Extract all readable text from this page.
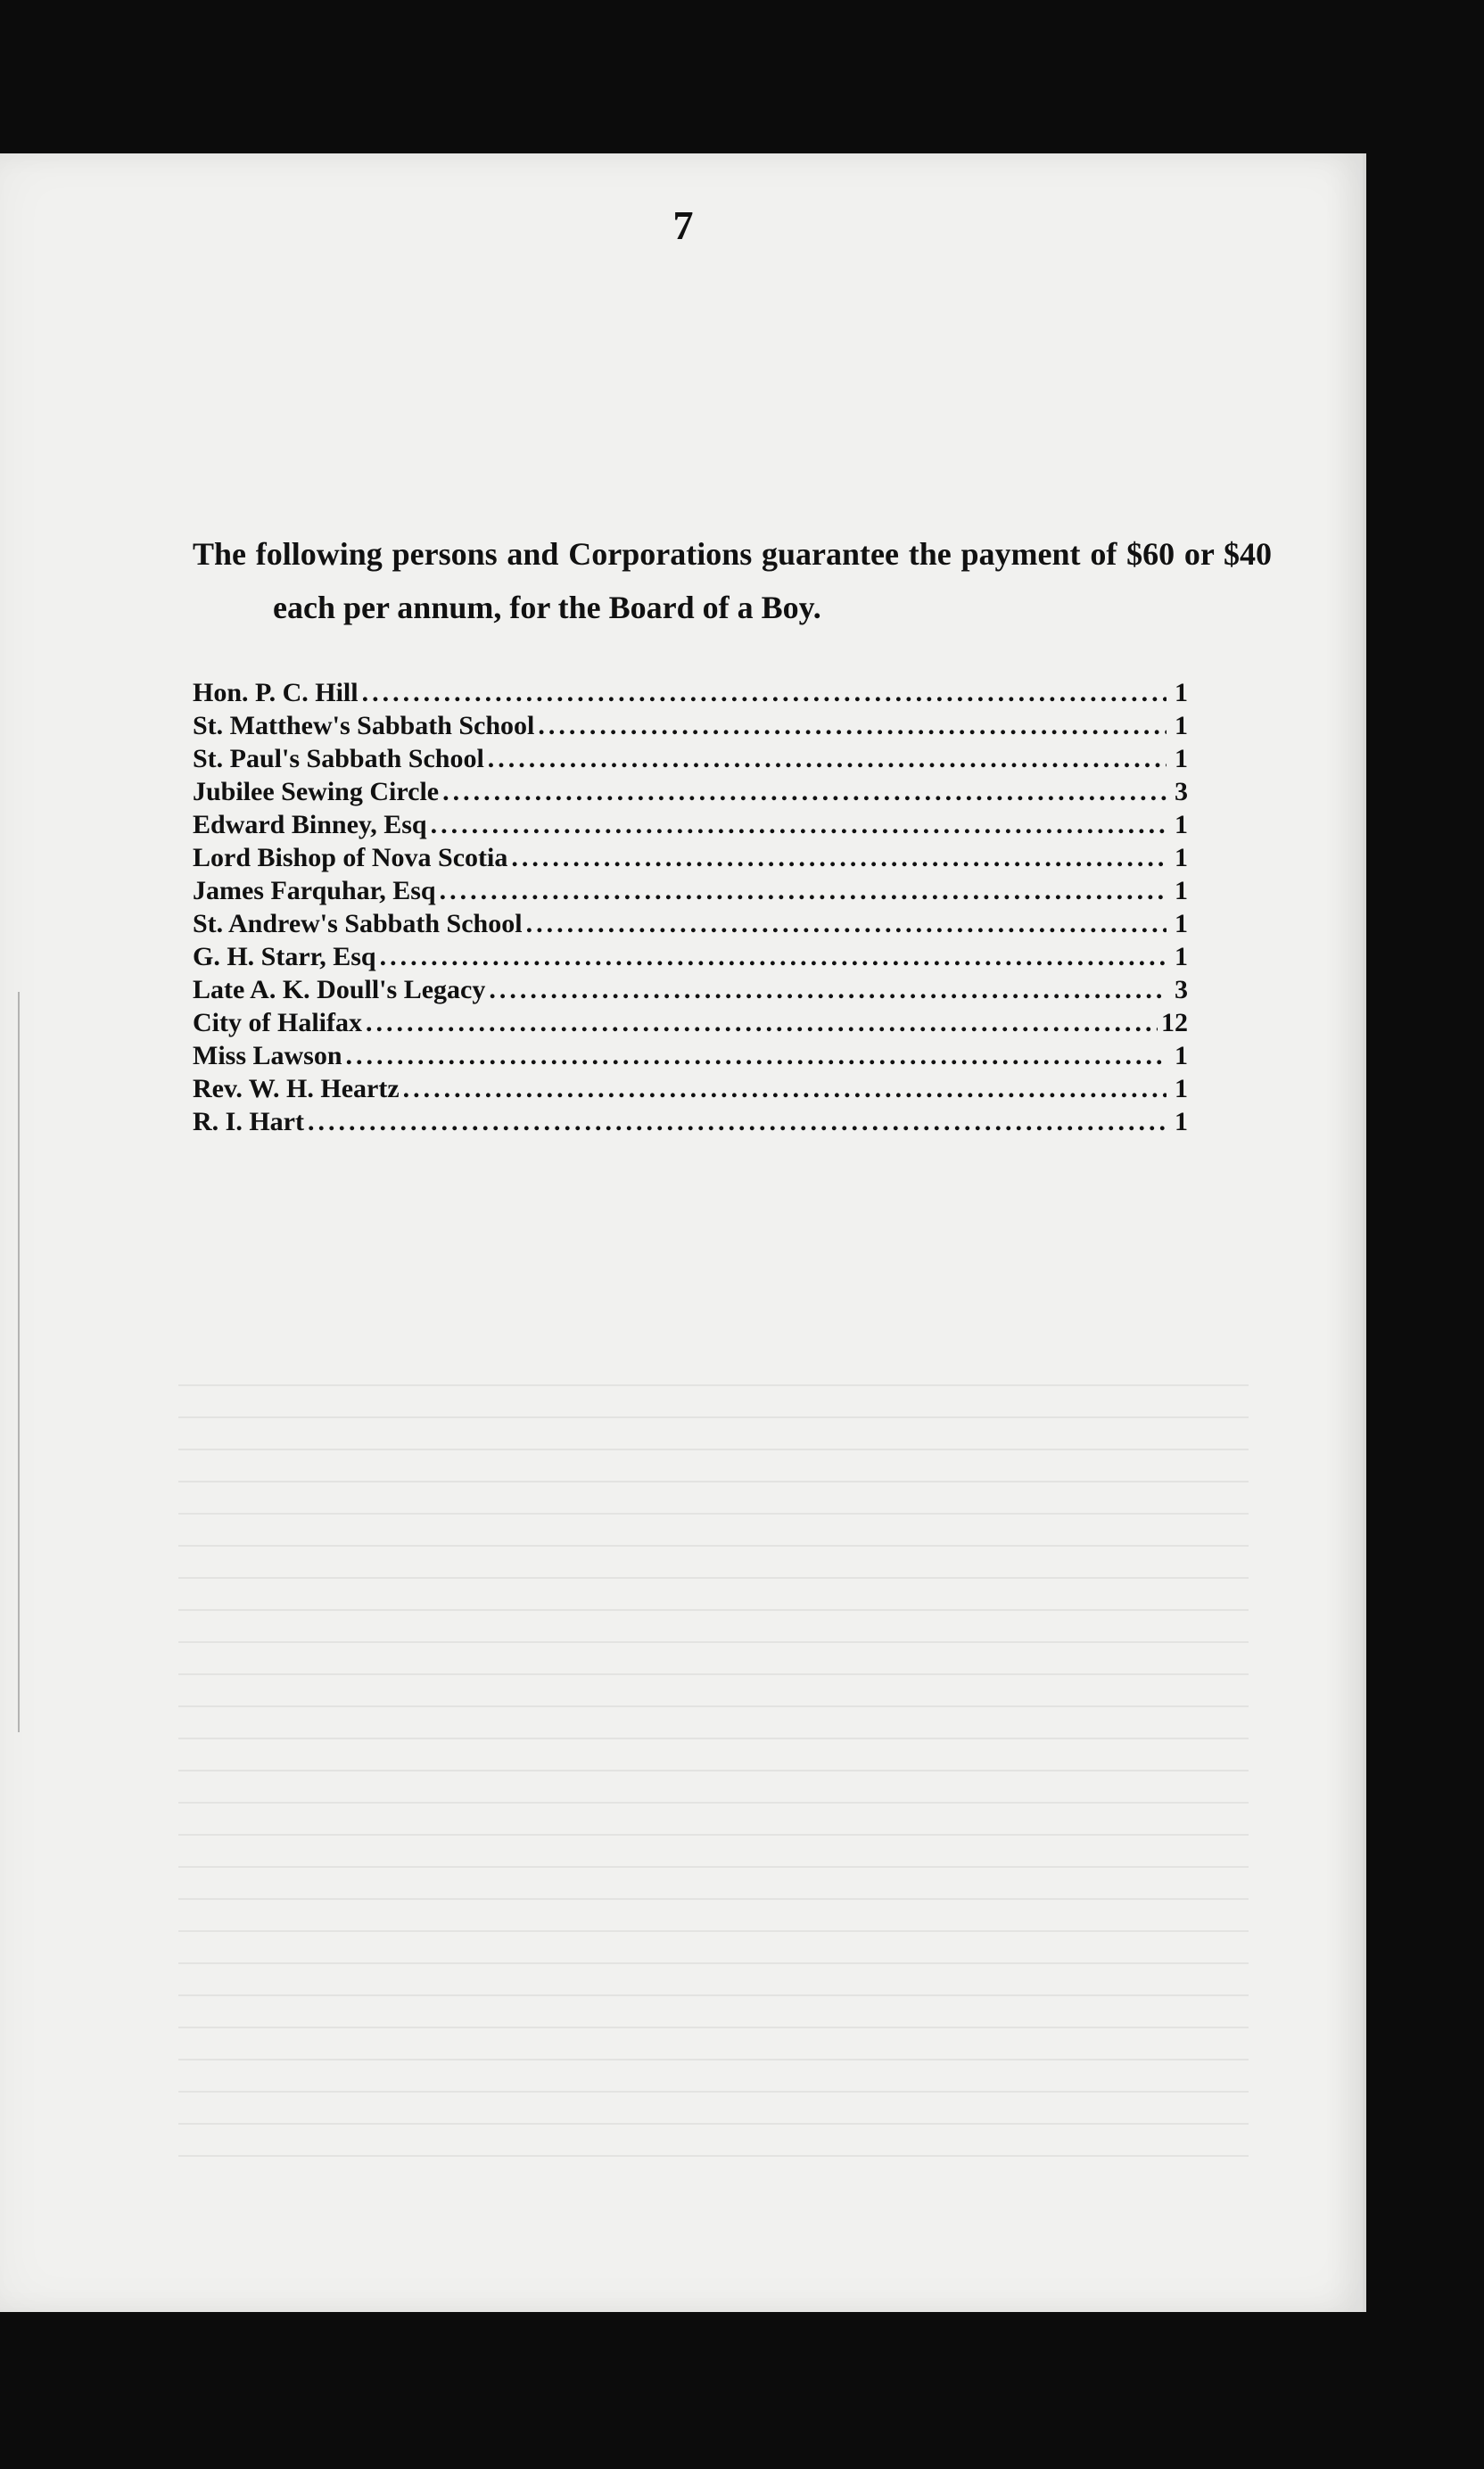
7

The following persons and Corporations guarantee the payment of $60 or $40 each per annum, for the Board of a Boy.

Hon. P. C. Hill .....	1
St. Matthew's Sabbath School .....	1
St. Paul's Sabbath School .....	1
Jubilee Sewing Circle .....	3
Edward Binney, Esq .....	1
Lord Bishop of Nova Scotia .....	1
James Farquhar, Esq .....	1
St. Andrew's Sabbath School .....	1
G. H. Starr, Esq .....	1
Late A. K. Doull's Legacy .....	3
City of Halifax .....	12
Miss Lawson .....	1
Rev. W. H. Heartz .....	1
R. I. Hart .....	1
